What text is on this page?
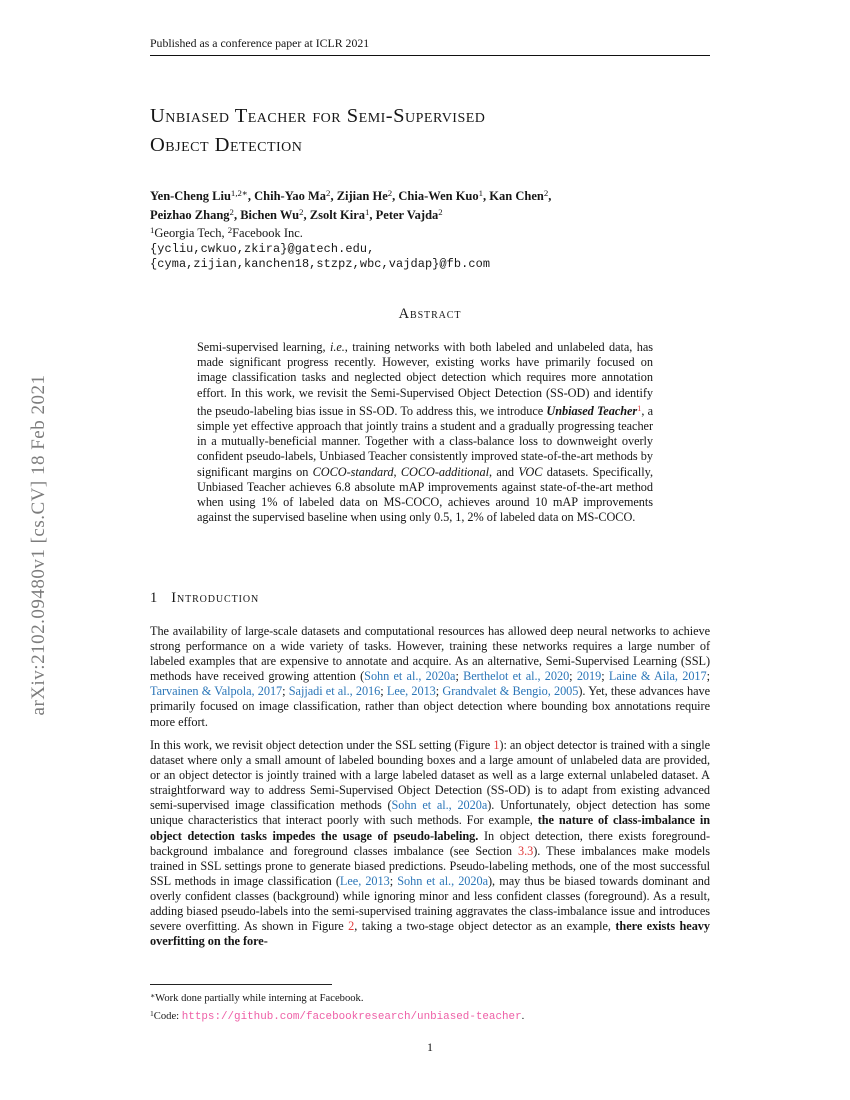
arXiv:2102.09480v1 [cs.CV] 18 Feb 2021
Published as a conference paper at ICLR 2021
Unbiased Teacher for Semi-Supervised
Object Detection
Yen-Cheng Liu$^{1,2∗}$, Chih-Yao Ma$^2$, Zijian He$^2$, Chia-Wen Kuo$^1$, Kan Chen$^2$,
Peizhao Zhang$^2$, Bichen Wu$^2$, Zsolt Kira$^1$, Peter Vajda$^2$
$^1$Georgia Tech, $^2$Facebook Inc.
{ycliu,cwkuo,zkira}@gatech.edu,
{cyma,zijian,kanchen18,stzpz,wbc,vajdap}@fb.com
Abstract
Semi-supervised learning, i.e., training networks with both labeled and unlabeled data, has made significant progress recently. However, existing works have primarily focused on image classification tasks and neglected object detection which requires more annotation effort. In this work, we revisit the Semi-Supervised Object Detection (SS-OD) and identify the pseudo-labeling bias issue in SS-OD. To address this, we introduce Unbiased Teacher$^1$, a simple yet effective approach that jointly trains a student and a gradually progressing teacher in a mutually-beneficial manner. Together with a class-balance loss to downweight overly confident pseudo-labels, Unbiased Teacher consistently improved state-of-the-art methods by significant margins on COCO-standard, COCO-additional, and VOC datasets. Specifically, Unbiased Teacher achieves 6.8 absolute mAP improvements against state-of-the-art method when using 1% of labeled data on MS-COCO, achieves around 10 mAP improvements against the supervised baseline when using only 0.5, 1, 2% of labeled data on MS-COCO.
1 Introduction
The availability of large-scale datasets and computational resources has allowed deep neural networks to achieve strong performance on a wide variety of tasks. However, training these networks requires a large number of labeled examples that are expensive to annotate and acquire. As an alternative, Semi-Supervised Learning (SSL) methods have received growing attention (Sohn et al., 2020a; Berthelot et al., 2020; 2019; Laine & Aila, 2017; Tarvainen & Valpola, 2017; Sajjadi et al., 2016; Lee, 2013; Grandvalet & Bengio, 2005). Yet, these advances have primarily focused on image classification, rather than object detection where bounding box annotations require more effort.
In this work, we revisit object detection under the SSL setting (Figure 1): an object detector is trained with a single dataset where only a small amount of labeled bounding boxes and a large amount of unlabeled data are provided, or an object detector is jointly trained with a large labeled dataset as well as a large external unlabeled dataset. A straightforward way to address Semi-Supervised Object Detection (SS-OD) is to adapt from existing advanced semi-supervised image classification methods (Sohn et al., 2020a). Unfortunately, object detection has some unique characteristics that interact poorly with such methods. For example, the nature of class-imbalance in object detection tasks impedes the usage of pseudo-labeling. In object detection, there exists foreground-background imbalance and foreground classes imbalance (see Section 3.3). These imbalances make models trained in SSL settings prone to generate biased predictions. Pseudo-labeling methods, one of the most successful SSL methods in image classification (Lee, 2013; Sohn et al., 2020a), may thus be biased towards dominant and overly confident classes (background) while ignoring minor and less confident classes (foreground). As a result, adding biased pseudo-labels into the semi-supervised training aggravates the class-imbalance issue and introduces severe overfitting. As shown in Figure 2, taking a two-stage object detector as an example, there exists heavy overfitting on the fore-
∗Work done partially while interning at Facebook.
$^1$Code: https://github.com/facebookresearch/unbiased-teacher.
1
